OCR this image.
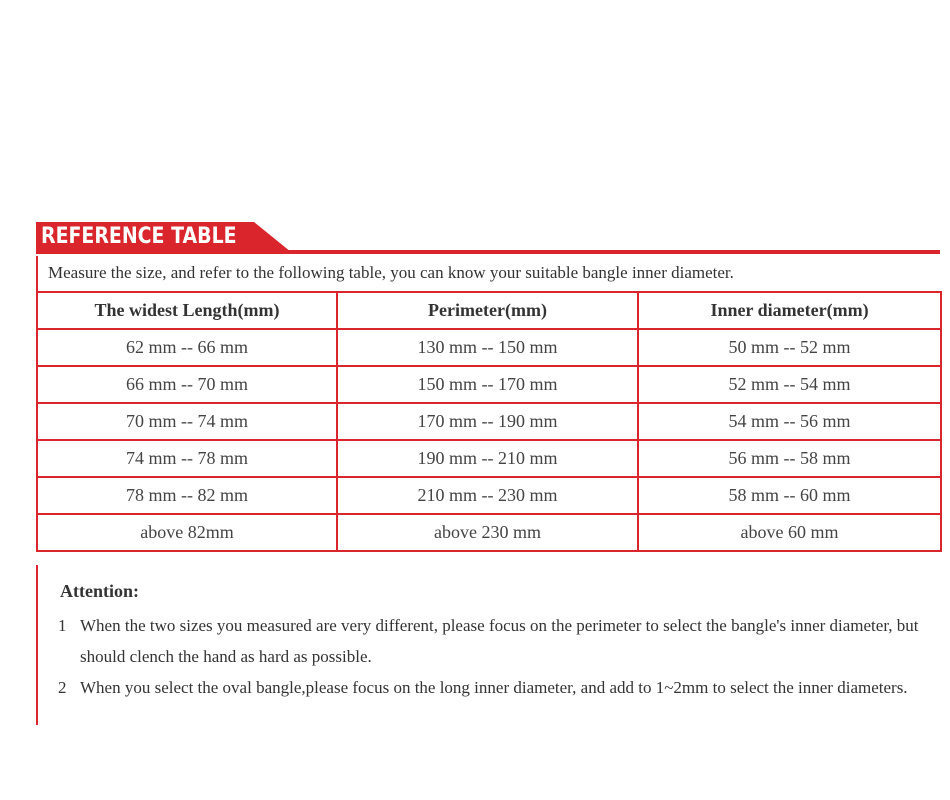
REFERENCE TABLE
Measure the size, and refer to the following table, you can know your suitable bangle inner diameter.
The widest Length(mm)	Perimeter(mm)	Inner diameter(mm)
62 mm -- 66 mm	130 mm -- 150 mm	50 mm -- 52 mm
66 mm -- 70 mm	150 mm -- 170 mm	52 mm -- 54 mm
70 mm -- 74 mm	170 mm -- 190 mm	54 mm -- 56 mm
74 mm -- 78 mm	190 mm -- 210 mm	56 mm -- 58 mm
78 mm -- 82 mm	210 mm -- 230 mm	58 mm -- 60 mm
above 82mm	above 230 mm	above 60 mm
Attention:
1 When the two sizes you measured are very different, please focus on the perimeter to select the bangle's inner diameter, but should clench the hand as hard as possible.
2 When you select the oval bangle,please focus on the long inner diameter, and add to 1~2mm to select the inner diameters.
